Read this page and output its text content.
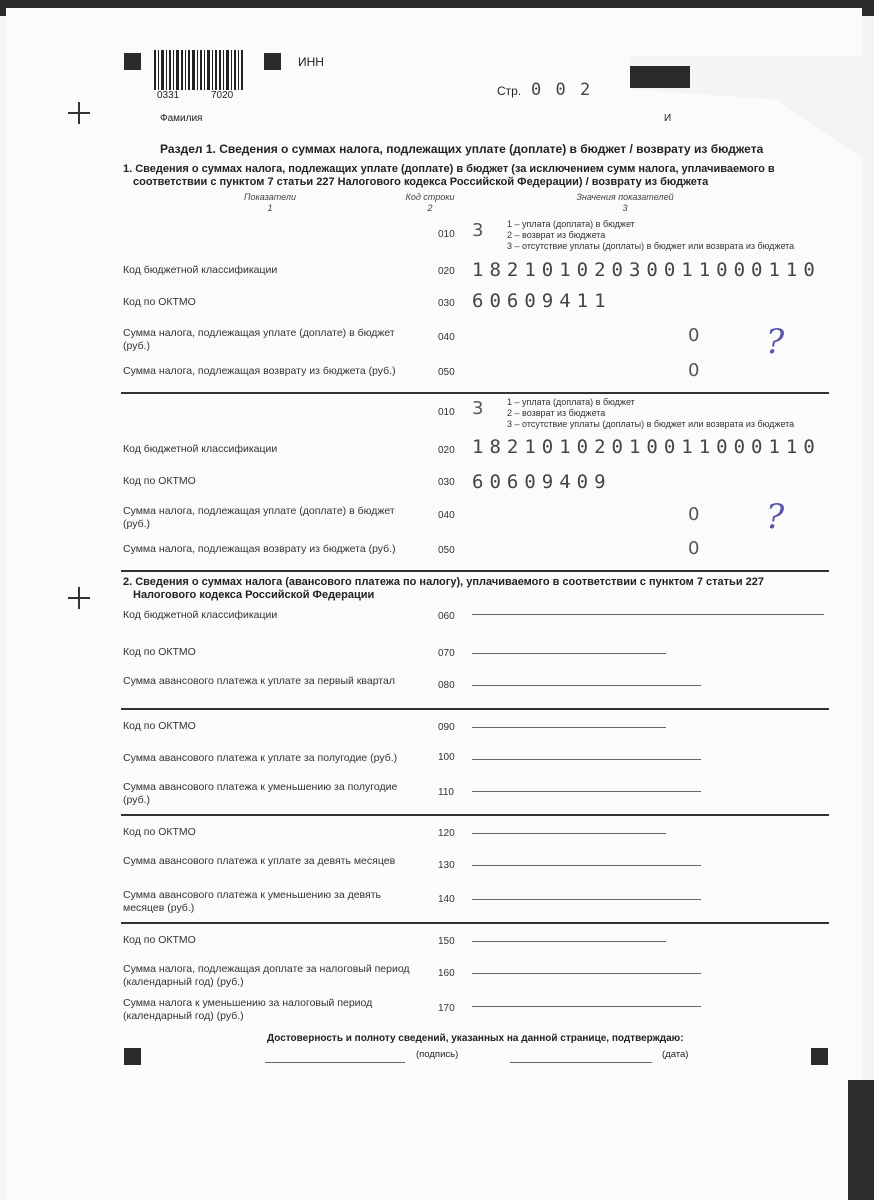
0331	7020
ИНН
Стр. 0 0 2
Фамилия	И
Раздел 1. Сведения о суммах налога, подлежащих уплате (доплате) в бюджет / возврату из бюджета
1. Сведения о суммах налога, подлежащих уплате (доплате) в бюджет (за исключением сумм налога, уплачиваемого в
соответствии с пунктом 7 статьи 227 Налогового кодекса Российской Федерации) / возврату из бюджета
Показатели
1
Код строки
2
Значения показателей
3
010 3	1 – уплата (доплата) в бюджет
2 – возврат из бюджета
3 – отсутствие уплаты (доплаты) в бюджет или возврата из бюджета
Код бюджетной классификации	020 18210102030011000110
Код по ОКТМО	030 60609411
Сумма налога, подлежащая уплате (доплате) в бюджет
(руб.)
040	0
Сумма налога, подлежащая возврату из бюджета (руб.)	050	0
?
010 3	1 – уплата (доплата) в бюджет
2 – возврат из бюджета
3 – отсутствие уплаты (доплаты) в бюджет или возврата из бюджета
Код бюджетной классификации	020 18210102010011000110
Код по ОКТМО	030 60609409
Сумма налога, подлежащая уплате (доплате) в бюджет
(руб.)
040	0
Сумма налога, подлежащая возврату из бюджета (руб.)	050	0
?
2. Сведения о суммах налога (авансового платежа по налогу), уплачиваемого в соответствии с пунктом 7 статьи 227
Налогового кодекса Российской Федерации
Код бюджетной классификации	060
Код по ОКТМО	070
Сумма авансового платежа к уплате за первый квартал	080
Код по ОКТМО	090
Сумма авансового платежа к уплате за полугодие (руб.)	100
Сумма авансового платежа к уменьшению за полугодие
(руб.)
110
Код по ОКТМО	120
Сумма авансового платежа к уплате за девять месяцев	130
Сумма авансового платежа к уменьшению за девять
месяцев (руб.)
140
Код по ОКТМО	150
Сумма налога, подлежащая доплате за налоговый период
(календарный год) (руб.)
160
Сумма налога к уменьшению за налоговый период
(календарный год) (руб.)
170
Достоверность и полноту сведений, указанных на данной странице, подтверждаю:
(подпись)	(дата)
